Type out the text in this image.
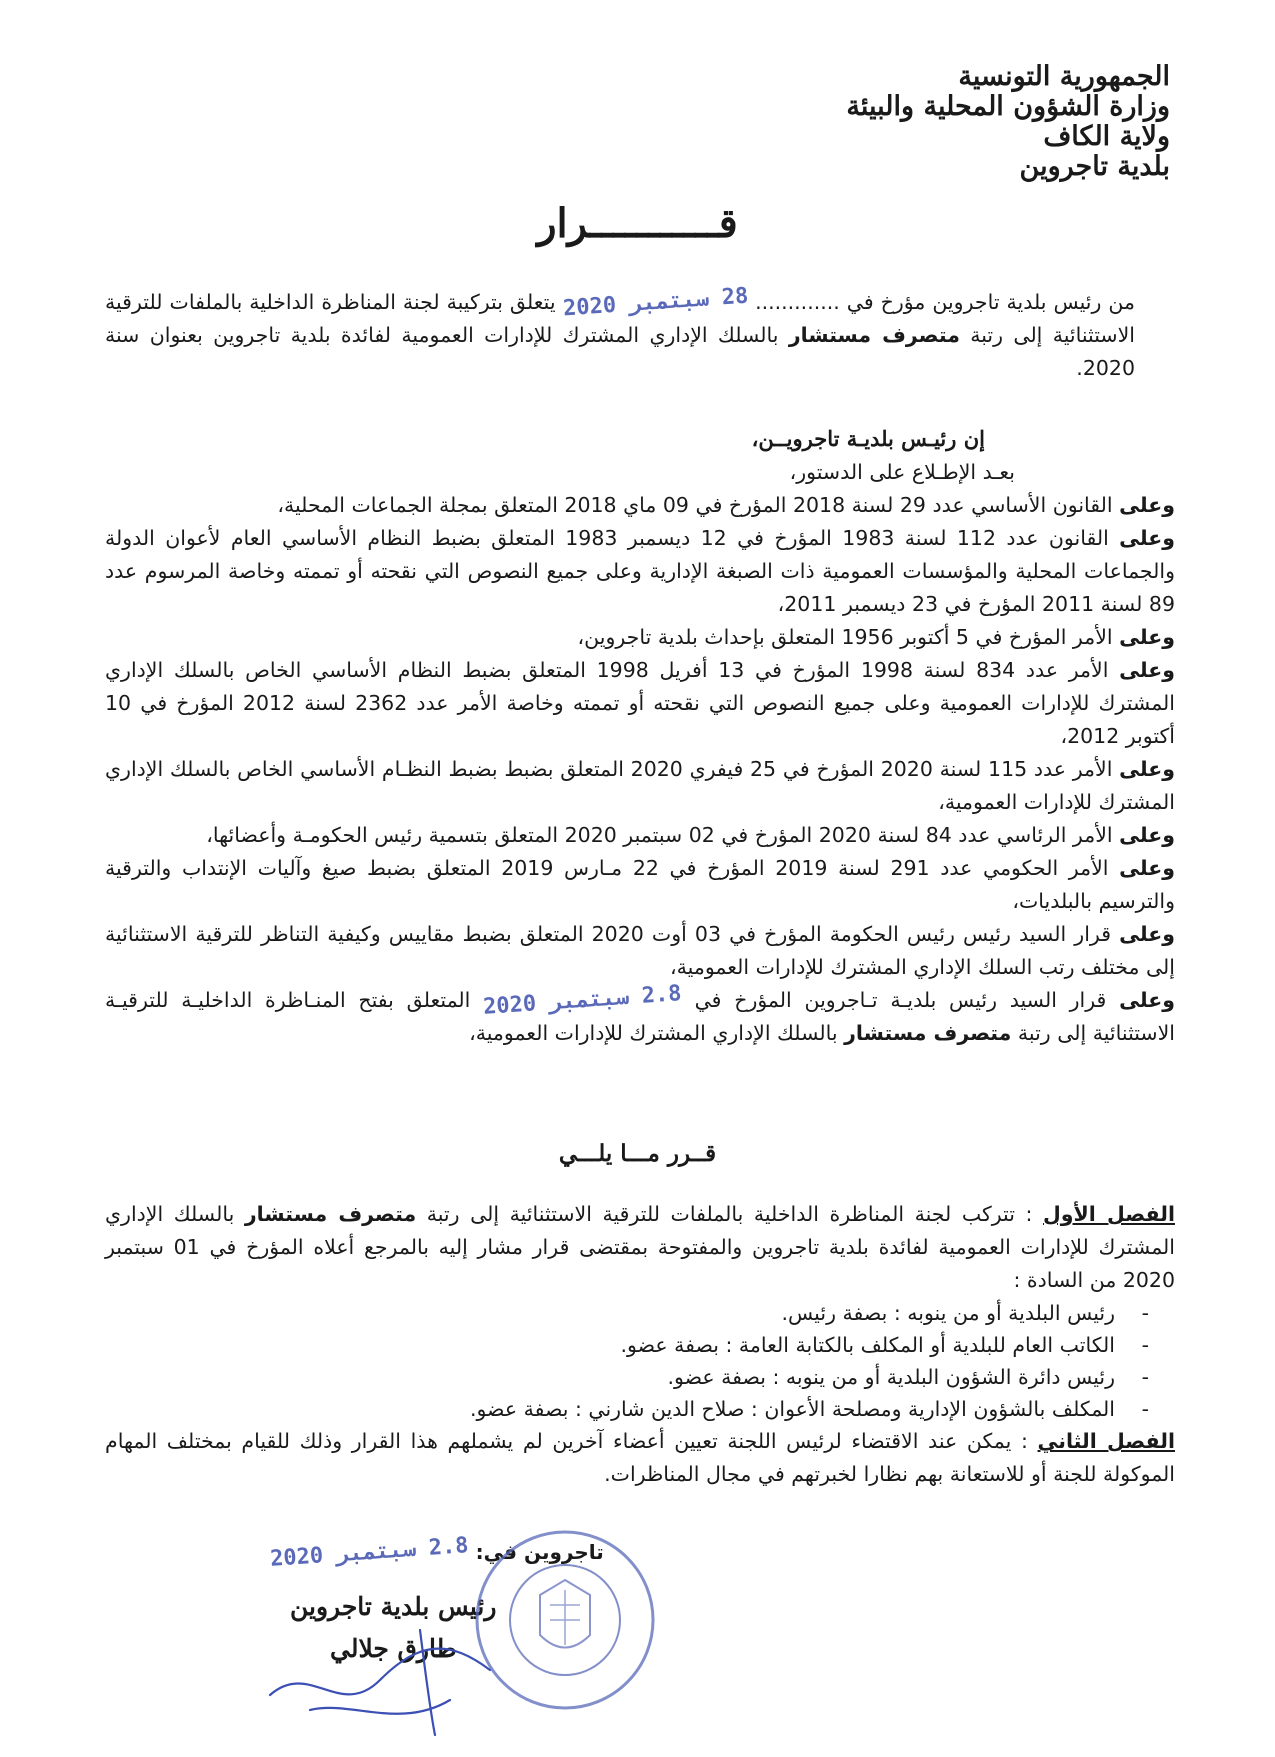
الجمهورية التونسية
وزارة الشؤون المحلية والبيئة
ولاية الكاف
بلدية تاجروين
قـــــــــــرار
من رئيس بلدية تاجروين مؤرخ في ............. 28 سبتمبر 2020 يتعلق بتركيبة لجنة المناظرة الداخلية بالملفات للترقية الاستثنائية إلى رتبة متصرف مستشار بالسلك الإداري المشترك للإدارات العمومية لفائدة بلدية تاجروين بعنوان سنة 2020.
إن رئيـس بلديـة تاجرويــن،

بعـد الإطـلاع على الدستور،

وعلى القانون الأساسي عدد 29 لسنة 2018 المؤرخ في 09 ماي 2018 المتعلق بمجلة الجماعات المحلية،

وعلى القانون عدد 112 لسنة 1983 المؤرخ في 12 ديسمبر 1983 المتعلق بضبط النظام الأساسي العام لأعوان الدولة والجماعات المحلية والمؤسسات العمومية ذات الصبغة الإدارية وعلى جميع النصوص التي نقحته أو تممته وخاصة المرسوم عدد 89 لسنة 2011 المؤرخ في 23 ديسمبر 2011،

وعلى الأمر المؤرخ في 5 أكتوبر 1956 المتعلق بإحداث بلدية تاجروين،

وعلى الأمر عدد 834 لسنة 1998 المؤرخ في 13 أفريل 1998 المتعلق بضبط النظام الأساسي الخاص بالسلك الإداري المشترك للإدارات العمومية وعلى جميع النصوص التي نقحته أو تممته وخاصة الأمر عدد 2362 لسنة 2012 المؤرخ في 10 أكتوبر 2012،

وعلى الأمر عدد 115 لسنة 2020 المؤرخ في 25 فيفري 2020 المتعلق بضبط بضبط النظـام الأساسي الخاص بالسلك الإداري المشترك للإدارات العمومية،

وعلى الأمر الرئاسي عدد 84 لسنة 2020 المؤرخ في 02 سبتمبر 2020 المتعلق بتسمية رئيس الحكومـة وأعضائها،

وعلى الأمر الحكومي عدد 291 لسنة 2019 المؤرخ في 22 مـارس 2019 المتعلق بضبط صيغ وآليات الإنتداب والترقية والترسيم بالبلديات،

وعلى قرار السيد رئيس رئيس الحكومة المؤرخ في 03 أوت 2020 المتعلق بضبط مقاييس وكيفية التناظر للترقية الاستثنائية إلى مختلف رتب السلك الإداري المشترك للإدارات العمومية،

وعلى قرار السيد رئيس بلديـة تـاجروين المؤرخ في 2.8 سبتمبر 2020 المتعلق بفتح المنـاظرة الداخليـة للترقيـة الاستثنائية إلى رتبة متصرف مستشار بالسلك الإداري المشترك للإدارات العمومية،

قــرر مـــا يلـــي

الفصل الأول : تتركب لجنة المناظرة الداخلية بالملفات للترقية الاستثنائية إلى رتبة متصرف مستشار بالسلك الإداري المشترك للإدارات العمومية لفائدة بلدية تاجروين والمفتوحة بمقتضى قرار مشار إليه بالمرجع أعلاه المؤرخ في 01 سبتمبر 2020 من السادة :

- رئيس البلدية أو من ينوبه : بصفة رئيس.
- الكاتب العام للبلدية أو المكلف بالكتابة العامة : بصفة عضو.
- رئيس دائرة الشؤون البلدية أو من ينوبه : بصفة عضو.
- المكلف بالشؤون الإدارية ومصلحة الأعوان : صلاح الدين شارني : بصفة عضو.

الفصل الثاني : يمكن عند الاقتضاء لرئيس اللجنة تعيين أعضاء آخرين لم يشملهم هذا القرار وذلك للقيام بمختلف المهام الموكولة للجنة أو للاستعانة بهم نظارا لخبرتهم في مجال المناظرات.

تاجروين في: 2.8 سبتمبر 2020
رئيس بلدية تاجروين
طارق جلالي
